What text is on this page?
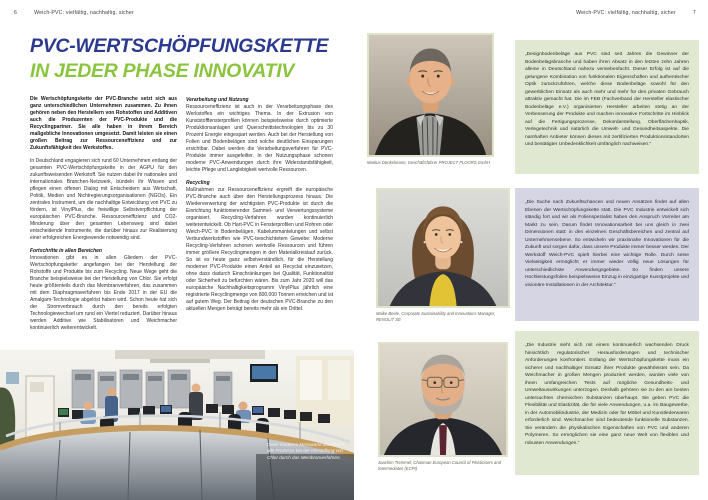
6	Weich-PVC: vielfältig, nachhaltig, sicher
PVC-WERTSCHÖPFUNGSKETTE
IN JEDER PHASE INNOVATIV

Die Wertschöpfungskette der PVC-Branche setzt sich aus ganz unterschiedlichen Unternehmen zusammen. Zu ihnen gehören neben den Herstellern von Rohstoffen und Additiven auch die Produzenten der PVC-Produkte und die Recyclingpartner. Sie alle haben in ihrem Bereich maßgebliche Innovationen umgesetzt. Damit leisten sie einen großen Beitrag zur Ressourceneffizienz und zur Zukunftsfähigkeit des Werkstoffes.

In Deutschland engagieren sich rund 60 Unternehmen entlang der gesamten PVC-Wertschöpfungskette in der AGPU für den zukunftsweisenden Werkstoff. Sie nutzen dabei ihr nationales und internationales Branchen-Netzwerk, bündeln ihr Wissen und pflegen einen offenen Dialog mit Entscheidern aus Wirtschaft, Politik, Medien und Nichtregierungsorganisationen (NGOs). Ein zentrales Instrument, um die nachhaltige Entwicklung von PVC zu fördern, ist VinylPlus, die freiwillige Selbstverpflichtung der europäischen PVC-Branche. Ressourceneffizienz und CO2-Minderung über den gesamten Lebensweg sind dabei entscheidende Instrumente, die darüber hinaus zur Realisierung einer erfolgreichen Energiewende notwendig sind.

Fortschritte in allen Bereichen

Innovationen gibt es in allen Gliedern der PVC-Wertschöpfungskette: angefangen bei der Herstellung der Rohstoffe und Produkte bis zum Recycling. Neue Wege geht die Branche beispielsweise bei der Herstellung von Chlor. Sie erfolgt heute größtenteils durch das Membranverfahren, das zusammen mit dem Diaphragmaverfahren bis Ende 2017 in der EU die Amalgam-Technologie abgelöst haben wird. Schon heute hat sich der Stromverbrauch durch den bereits erfolgten Technologiewechsel um rund ein Viertel reduziert. Darüber hinaus werden Additive wie Stabilisatoren und Weichmacher kontinuierlich weiterentwickelt.

Verarbeitung und Nutzung

Ressourceneffizienz ist auch in der Verarbeitungsphase des Werkstoffes ein wichtiges Thema. In der Extrusion von Kunststofffensterprofilen können beispielsweise durch optimierte Produktionsanlagen und Querschnittstechnologien bis zu 30 Prozent Energie eingespart werden. Auch bei der Herstellung von Folien und Bodenbelägen sind solche deutlichen Einsparungen ersichtbar. Dabei werden die Verarbeitungsverfahren für PVC-Produkte immer ausgefeilter. In der Nutzungsphase schonen moderne PVC-Anwendungen durch ihre Widerstandsfähigkeit, leichte Pflege und Langlebigkeit wertvolle Ressourcen.

Recycling

Maßnahmen zur Ressourceneffizienz ergreift die europäische PVC-Branche auch über den Herstellungsprozess hinaus. Die Wiederverwertung der wichtigsten PVC-Produkte ist durch die Einrichtung funktionierender Sammel- und Verwertungssysteme organisiert. Recycling-Verfahren wurden kontinuierlich weiterentwickelt. Ob Hart-PVC in Fensterprofilen und Rohren oder Weich-PVC in Bodenbelägen, Kabelummantelungen und selbst Verbundwerkstoffen wie PVC-beschichtetem Gewebe: Moderne Recycling-Verfahren schonen wertvolle Ressourcen und führen immer größere Recyclingmengen in den Materialkreislauf zurück. So ist es heute ganz selbstverständlich, für die Herstellung moderner PVC-Produkte einen Anteil an Recyclat einzusetzen, ohne dass dadurch Einschränkungen bei Qualität, Funktionalität oder Sicherheit zu befürchten wären. Bis zum Jahr 2020 will das europäische Nachhaltigkeitsprogramm VinylPlus jährlich eine registrierte Recyclingmenge von 800.000 Tonnen erreichen und ist auf gutem Weg. Der Beitrag der deutschen PVC-Branche zu den aktuellen Mengen beträgt bereits mehr als ein Drittel.

Diese moderne Messwarte überwacht alle Prozesse bei der Herstellung von Chlor durch das Membranverfahren.
Weich-PVC: vielfältig, nachhaltig, sicher	7
Markus Dünkelmann, Geschäftsführer PROJECT FLOORS GmbH
Maike Beele, Corporate Sustainability and Innovations Manager, RENOLIT SE
Joachim Tremmel, Chairman European Council of Plasticisers and Intermediates (ECPI)
„Designbodenbeläge aus PVC sind seit Jahren die Gewinner der Bodenbelagsbranche und haben ihren Absatz in den letzten zehn Jahren alleine in Deutschland nahezu versiebenfacht. Dieser Erfolg ist auf die gelungene Kombination von funktionalen Eigenschaften und authentischer Optik zurückzuführen, welche diese Bodenbeläge sowohl für den gewerblichen Einsatz als auch mehr und mehr für den privaten Gebrauch attraktiv gemacht hat. Die im FEB (Fachverband der Hersteller elastischer Bodenbeläge e.V.) organisierten Hersteller arbeiten stetig an der Verbesserung der Produkte und machen innovative Fortschritte im Hinblick auf die Fertigungsprozesse, Dekordarstellung, Oberflächenhaptik, Verlegetechnik und natürlich die Umwelt- und Gesundheitsaspekte. Die namhaften Anbieter können dieses mit zertifizierten Produktionsstandorten und bestätigter Unbedenklichkeit umfänglich nachweisen.“
„Die Suche nach Zukunftschancen und neuen Ansätzen findet auf allen Ebenen der Wertschöpfungskette statt. Die PVC Industrie entwickelt sich ständig fort und wir als Folienspezialist haben den Anspruch Vorreiter am Markt zu sein. Darum findet Innovationsarbeit bei uns gleich in zwei Dimensionen statt: in den einzelnen Geschäftsbereichen und zentral auf Unternehmensebene. So entwickeln wir praxisnahe Innovationen für die Zukunft und sorgen dafür, dass unsere Produkte immer besser werden. Der Werkstoff Weich-PVC spielt hierbei eine wichtige Rolle. Durch seine Vielseitigkeit ermöglicht er immer wieder völlig neue Lösungen für unterschiedlichste Anwendungsgebiete. So finden unsere Hochleistungsfolien beispielsweise Einzug in einzigartige Kunstprojekte und visionäre Installationen in der Architektur.“
„Die Industrie sieht sich mit einem kontinuierlich wachsenden Druck hinsichtlich regulatorischer Herausforderungen und technischer Anforderungen konfrontiert. Entlang der Wertschöpfungskette muss ein sicherer und nachhaltiger Einsatz ihrer Produkte gewährleistet sein. Da Weichmacher in großen Mengen produziert werden, wurden viele von ihnen umfangreichen Tests auf mögliche Gesundheits- und Umweltauswirkungen unterzogen. Deshalb gehören sie zu den am besten untersuchten chemischen Substanzen überhaupt. Sie geben PVC die Flexibilität und Elastizität, die für viele Anwendungen, u.a. im Baugewerbe, in der Automobilindustrie, der Medizin oder für Möbel und Kunstlederwaren erforderlich sind. Weichmacher sind bedeutende funktionelle Substanzen. Sie verändern die physikalischen Eigenschaften von PVC und anderen Polymeren. So ermöglichen sie eine ganz neue Welt von flexiblen und robusten Anwendungen.“
